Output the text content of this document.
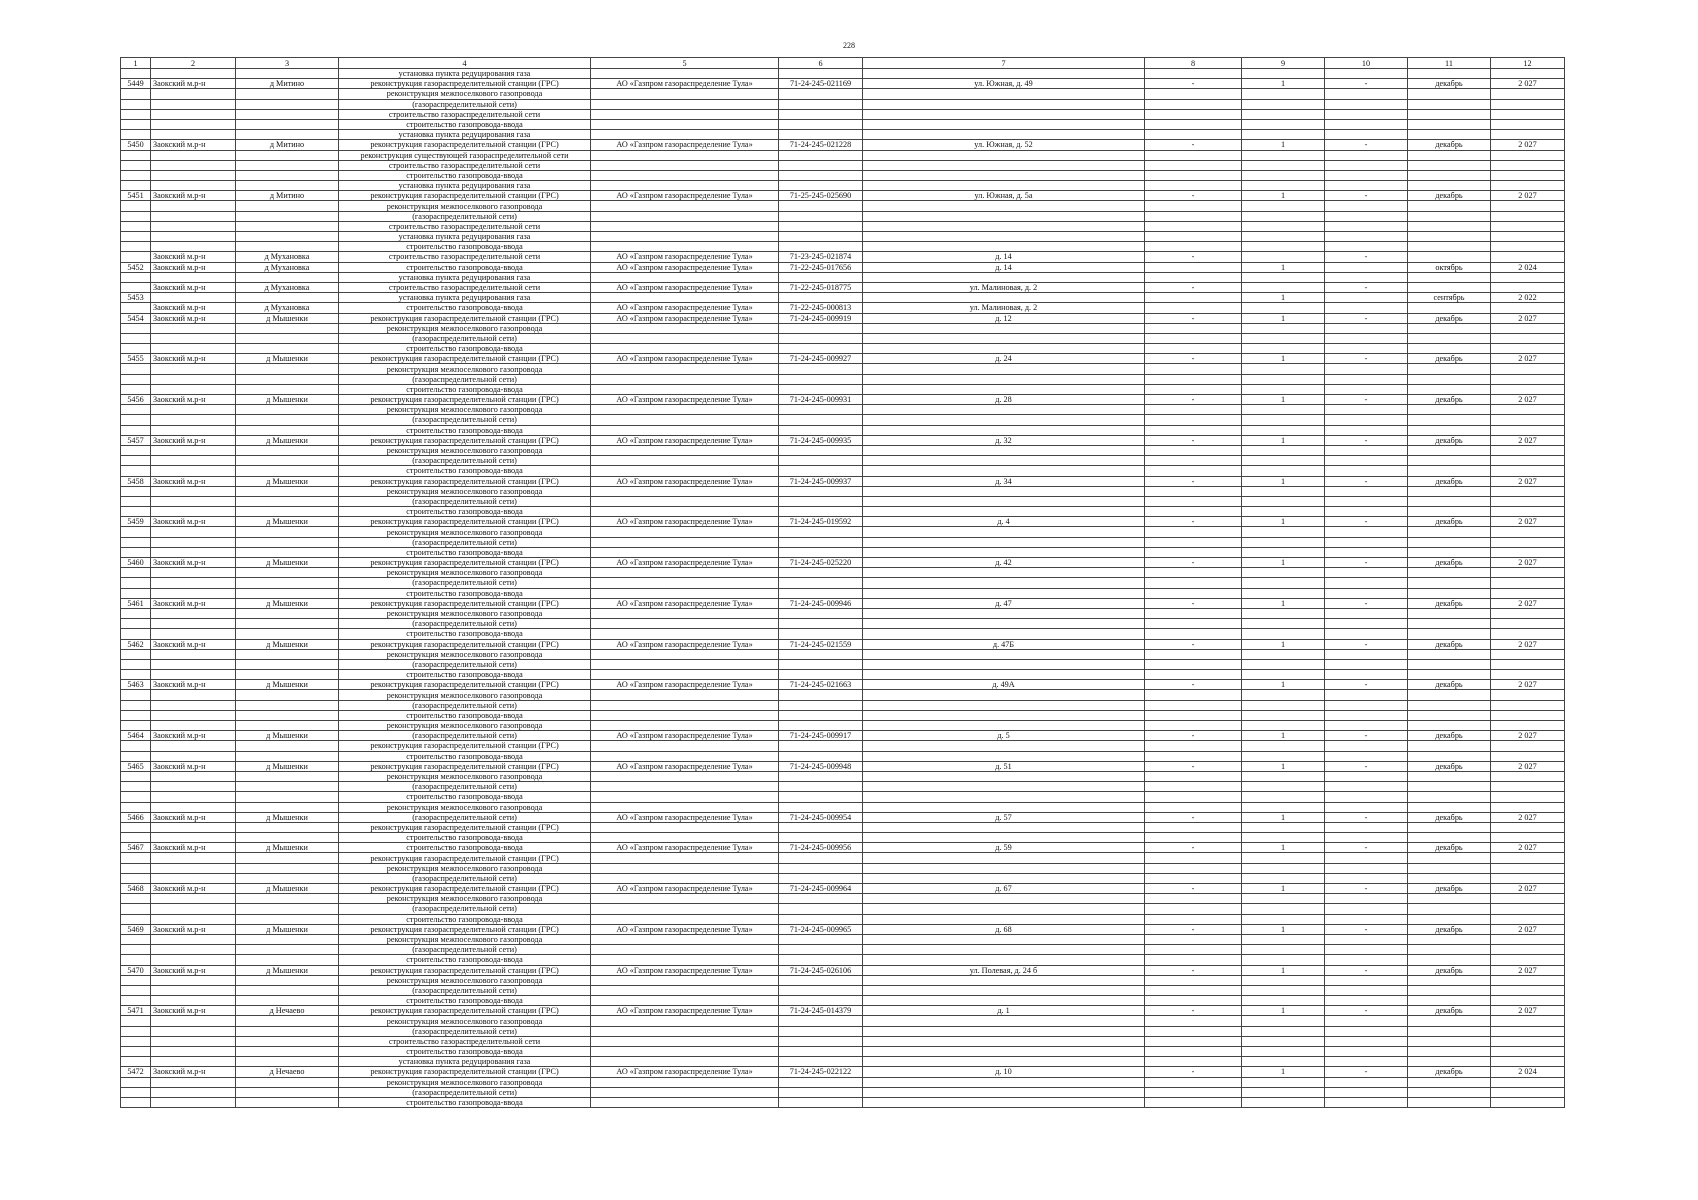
228
1	2	3	4	5	6	7	8	9	10	11	12
			установка пункта редуцирования газа								
5449	Заокский м.р-н	д Митино	реконструкция газораспределительной станции (ГРС)	АО «Газпром газораспределение Тула»	71-24-245-021169	ул. Южная, д. 49	-	1	-	декабрь	2 027
			реконструкция межпоселкового газопровода								
			(газораспределительной сети)								
			строительство газораспределительной сети								
			строительство газопровода-ввода								
			установка пункта редуцирования газа								
5450	Заокский м.р-н	д Митино	реконструкция газораспределительной станции (ГРС)	АО «Газпром газораспределение Тула»	71-24-245-021228	ул. Южная, д. 52	-	1	-	декабрь	2 027
			реконструкция существующей газораспределительной сети								
			строительство газораспределительной сети								
			строительство газопровода-ввода								
			установка пункта редуцирования газа								
5451	Заокский м.р-н	д Митино	реконструкция газораспределительной станции (ГРС)	АО «Газпром газораспределение Тула»	71-25-245-025690	ул. Южная, д. 5а	-	1	-	декабрь	2 027
			реконструкция межпоселкового газопровода								
			(газораспределительной сети)								
			строительство газораспределительной сети								
			установка пункта редуцирования газа								
			строительство газопровода-ввода								
	Заокский м.р-н	д Мухановка	строительство газораспределительной сети	АО «Газпром газораспределение Тула»	71-23-245-021874	д. 14	-		-		
5452	Заокский м.р-н	д Мухановка	строительство газопровода-ввода	АО «Газпром газораспределение Тула»	71-22-245-017656	д. 14		1		октябрь	2 024
			установка пункта редуцирования газа								
	Заокский м.р-н	д Мухановка	строительство газораспределительной сети	АО «Газпром газораспределение Тула»	71-22-245-018775	ул. Малиновая, д. 2	-		-		
5453			установка пункта редуцирования газа					1		сентябрь	2 022
	Заокский м.р-н	д Мухановка	строительство газопровода-ввода	АО «Газпром газораспределение Тула»	71-22-245-000813	ул. Малиновая, д. 2					
5454	Заокский м.р-н	д Мышенки	реконструкция газораспределительной станции (ГРС)	АО «Газпром газораспределение Тула»	71-24-245-009919	д. 12	-	1	-	декабрь	2 027
			реконструкция межпоселкового газопровода								
			(газораспределительной сети)								
			строительство газопровода-ввода								
5455	Заокский м.р-н	д Мышенки	реконструкция газораспределительной станции (ГРС)	АО «Газпром газораспределение Тула»	71-24-245-009927	д. 24	-	1	-	декабрь	2 027
			реконструкция межпоселкового газопровода								
			(газораспределительной сети)								
			строительство газопровода-ввода								
5456	Заокский м.р-н	д Мышенки	реконструкция газораспределительной станции (ГРС)	АО «Газпром газораспределение Тула»	71-24-245-009931	д. 28	-	1	-	декабрь	2 027
			реконструкция межпоселкового газопровода								
			(газораспределительной сети)								
			строительство газопровода-ввода								
5457	Заокский м.р-н	д Мышенки	реконструкция газораспределительной станции (ГРС)	АО «Газпром газораспределение Тула»	71-24-245-009935	д. 32	-	1	-	декабрь	2 027
			реконструкция межпоселкового газопровода								
			(газораспределительной сети)								
			строительство газопровода-ввода								
5458	Заокский м.р-н	д Мышенки	реконструкция газораспределительной станции (ГРС)	АО «Газпром газораспределение Тула»	71-24-245-009937	д. 34	-	1	-	декабрь	2 027
			реконструкция межпоселкового газопровода								
			(газораспределительной сети)								
			строительство газопровода-ввода								
5459	Заокский м.р-н	д Мышенки	реконструкция газораспределительной станции (ГРС)	АО «Газпром газораспределение Тула»	71-24-245-019592	д. 4	-	1	-	декабрь	2 027
			реконструкция межпоселкового газопровода								
			(газораспределительной сети)								
			строительство газопровода-ввода								
5460	Заокский м.р-н	д Мышенки	реконструкция газораспределительной станции (ГРС)	АО «Газпром газораспределение Тула»	71-24-245-025220	д. 42	-	1	-	декабрь	2 027
			реконструкция межпоселкового газопровода								
			(газораспределительной сети)								
			строительство газопровода-ввода								
5461	Заокский м.р-н	д Мышенки	реконструкция газораспределительной станции (ГРС)	АО «Газпром газораспределение Тула»	71-24-245-009946	д. 47	-	1	-	декабрь	2 027
			реконструкция межпоселкового газопровода								
			(газораспределительной сети)								
			строительство газопровода-ввода								
5462	Заокский м.р-н	д Мышенки	реконструкция газораспределительной станции (ГРС)	АО «Газпром газораспределение Тула»	71-24-245-021559	д. 47Б	-	1	-	декабрь	2 027
			реконструкция межпоселкового газопровода								
			(газораспределительной сети)								
			строительство газопровода-ввода								
5463	Заокский м.р-н	д Мышенки	реконструкция газораспределительной станции (ГРС)	АО «Газпром газораспределение Тула»	71-24-245-021663	д. 49А	-	1	-	декабрь	2 027
			реконструкция межпоселкового газопровода								
			(газораспределительной сети)								
			строительство газопровода-ввода								
			реконструкция межпоселкового газопровода								
5464	Заокский м.р-н	д Мышенки	(газораспределительной сети)	АО «Газпром газораспределение Тула»	71-24-245-009917	д. 5	-	1	-	декабрь	2 027
			реконструкция газораспределительной станции (ГРС)								
			строительство газопровода-ввода								
5465	Заокский м.р-н	д Мышенки	реконструкция газораспределительной станции (ГРС)	АО «Газпром газораспределение Тула»	71-24-245-009948	д. 51	-	1	-	декабрь	2 027
			реконструкция межпоселкового газопровода								
			(газораспределительной сети)								
			строительство газопровода-ввода								
			реконструкция межпоселкового газопровода								
5466	Заокский м.р-н	д Мышенки	(газораспределительной сети)	АО «Газпром газораспределение Тула»	71-24-245-009954	д. 57	-	1	-	декабрь	2 027
			реконструкция газораспределительной станции (ГРС)								
			строительство газопровода-ввода								
5467	Заокский м.р-н	д Мышенки	строительство газопровода-ввода	АО «Газпром газораспределение Тула»	71-24-245-009956	д. 59	-	1	-	декабрь	2 027
			реконструкция газораспределительной станции (ГРС)								
			реконструкция межпоселкового газопровода								
			(газораспределительной сети)								
5468	Заокский м.р-н	д Мышенки	реконструкция газораспределительной станции (ГРС)	АО «Газпром газораспределение Тула»	71-24-245-009964	д. 67	-	1	-	декабрь	2 027
			реконструкция межпоселкового газопровода								
			(газораспределительной сети)								
			строительство газопровода-ввода								
5469	Заокский м.р-н	д Мышенки	реконструкция газораспределительной станции (ГРС)	АО «Газпром газораспределение Тула»	71-24-245-009965	д. 68	-	1	-	декабрь	2 027
			реконструкция межпоселкового газопровода								
			(газораспределительной сети)								
			строительство газопровода-ввода								
5470	Заокский м.р-н	д Мышенки	реконструкция газораспределительной станции (ГРС)	АО «Газпром газораспределение Тула»	71-24-245-026106	ул. Полевая, д. 24 б	-	1	-	декабрь	2 027
			реконструкция межпоселкового газопровода								
			(газораспределительной сети)								
			строительство газопровода-ввода								
5471	Заокский м.р-н	д Нечаево	реконструкция газораспределительной станции (ГРС)	АО «Газпром газораспределение Тула»	71-24-245-014379	д. 1	-	1	-	декабрь	2 027
			реконструкция межпоселкового газопровода								
			(газораспределительной сети)								
			строительство газораспределительной сети								
			строительство газопровода-ввода								
			установка пункта редуцирования газа								
5472	Заокский м.р-н	д Нечаево	реконструкция газораспределительной станции (ГРС)	АО «Газпром газораспределение Тула»	71-24-245-022122	д. 10	-	1	-	декабрь	2 024
			реконструкция межпоселкового газопровода								
			(газораспределительной сети)								
			строительство газопровода-ввода								
